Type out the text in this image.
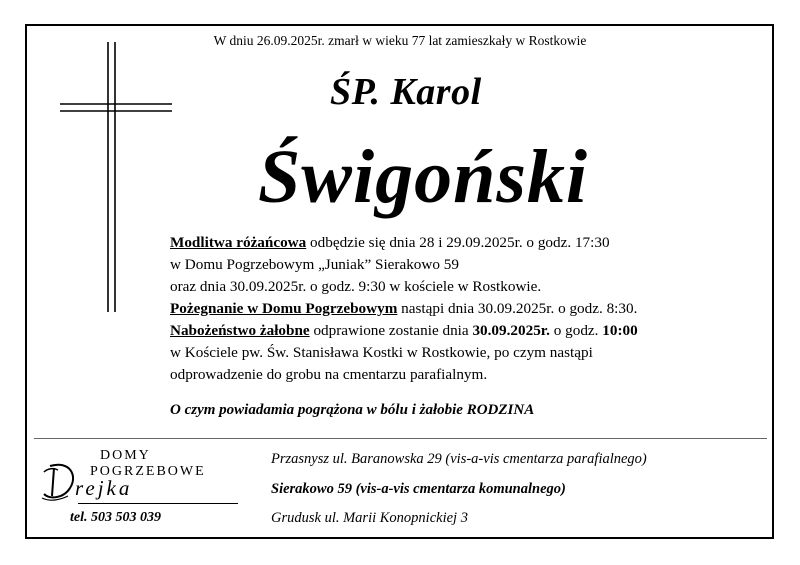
W dniu 26.09.2025r. zmarł w wieku 77 lat zamieszkały w Rostkowie
ŚP. Karol
Świgoński
Modlitwa różańcowa odbędzie się dnia 28 i 29.09.2025r. o godz. 17:30
w Domu Pogrzebowym „Juniak” Sierakowo 59
oraz dnia 30.09.2025r. o godz. 9:30 w kościele w Rostkowie.
Pożegnanie w Domu Pogrzebowym nastąpi dnia 30.09.2025r. o godz. 8:30.
Nabożeństwo żałobne odprawione zostanie dnia 30.09.2025r. o godz. 10:00
w Kościele pw. Św. Stanisława Kostki w Rostkowie, po czym nastąpi
odprowadzenie do grobu na cmentarzu parafialnym.
O czym powiadamia pogrążona w bólu i żałobie RODZINA
DOMY
POGRZEBOWE
rejka
tel. 503 503 039
Przasnysz ul. Baranowska 29 (vis-a-vis cmentarza parafialnego)
Sierakowo 59 (vis-a-vis cmentarza komunalnego)
Grudusk ul. Marii Konopnickiej 3
